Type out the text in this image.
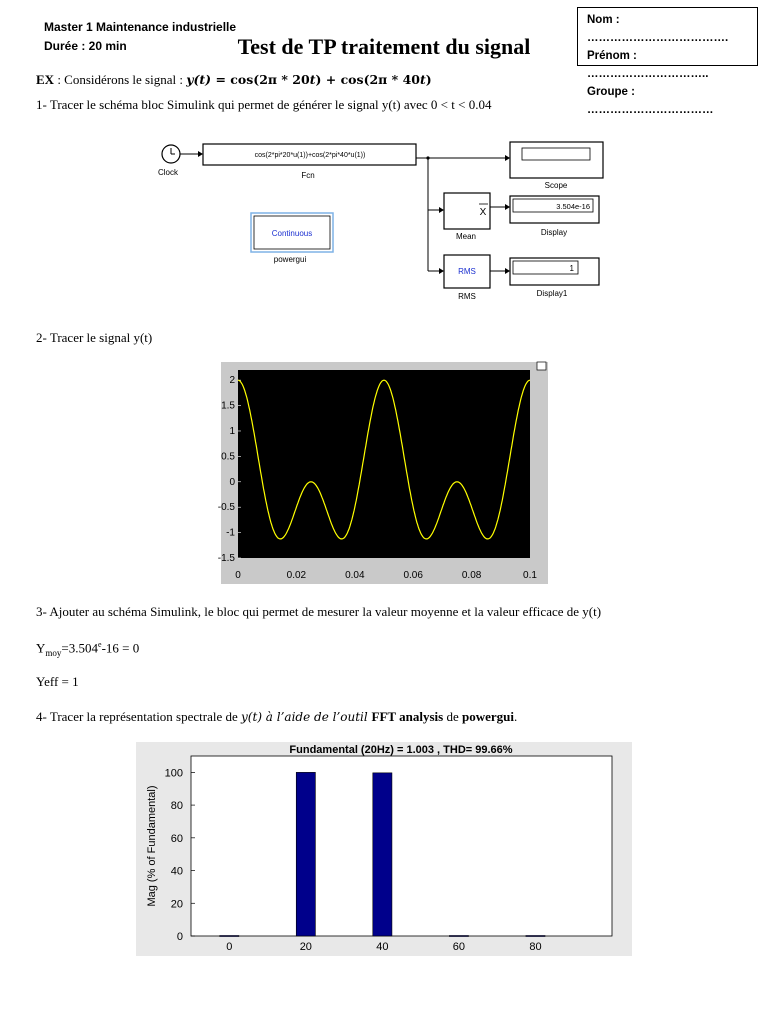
Master 1 Maintenance industrielle
Durée : 20 min	Test de TP traitement du signal
Nom : ……………………………….
Prénom : …………………………..
Groupe : ……………………………
EX : Considérons le signal : y(t) = cos(2π * 20t) + cos(2π * 40t)
1- Tracer le schéma bloc Simulink qui permet de générer le signal y(t) avec 0 < t < 0.04
Clock
cos(2*pi*20*u(1))+cos(2*pi*40*u(1))
Fcn
Scope
X
Mean
3.504e-16
Display
RMS
RMS
1
Display1
Continuous
powergui
2- Tracer le signal y(t)
2
1.5
1
0.5
0
-0.5
-1
-1.5
0	0.02	0.04	0.06	0.08	0.1
3- Ajouter au schéma Simulink, le bloc qui permet de mesurer la valeur moyenne et la valeur efficace de y(t)
$Y_{moy}=3.504^e-16 = 0$
Yeff = 1
4- Tracer la représentation spectrale de y(t) à l’aide de l’outil FFT analysis de powergui.
Fundamental (20Hz) = 1.003 , THD= 99.66%
Mag (% of Fundamental)
0
20
40
60
80
100
0	20	40	60	80
